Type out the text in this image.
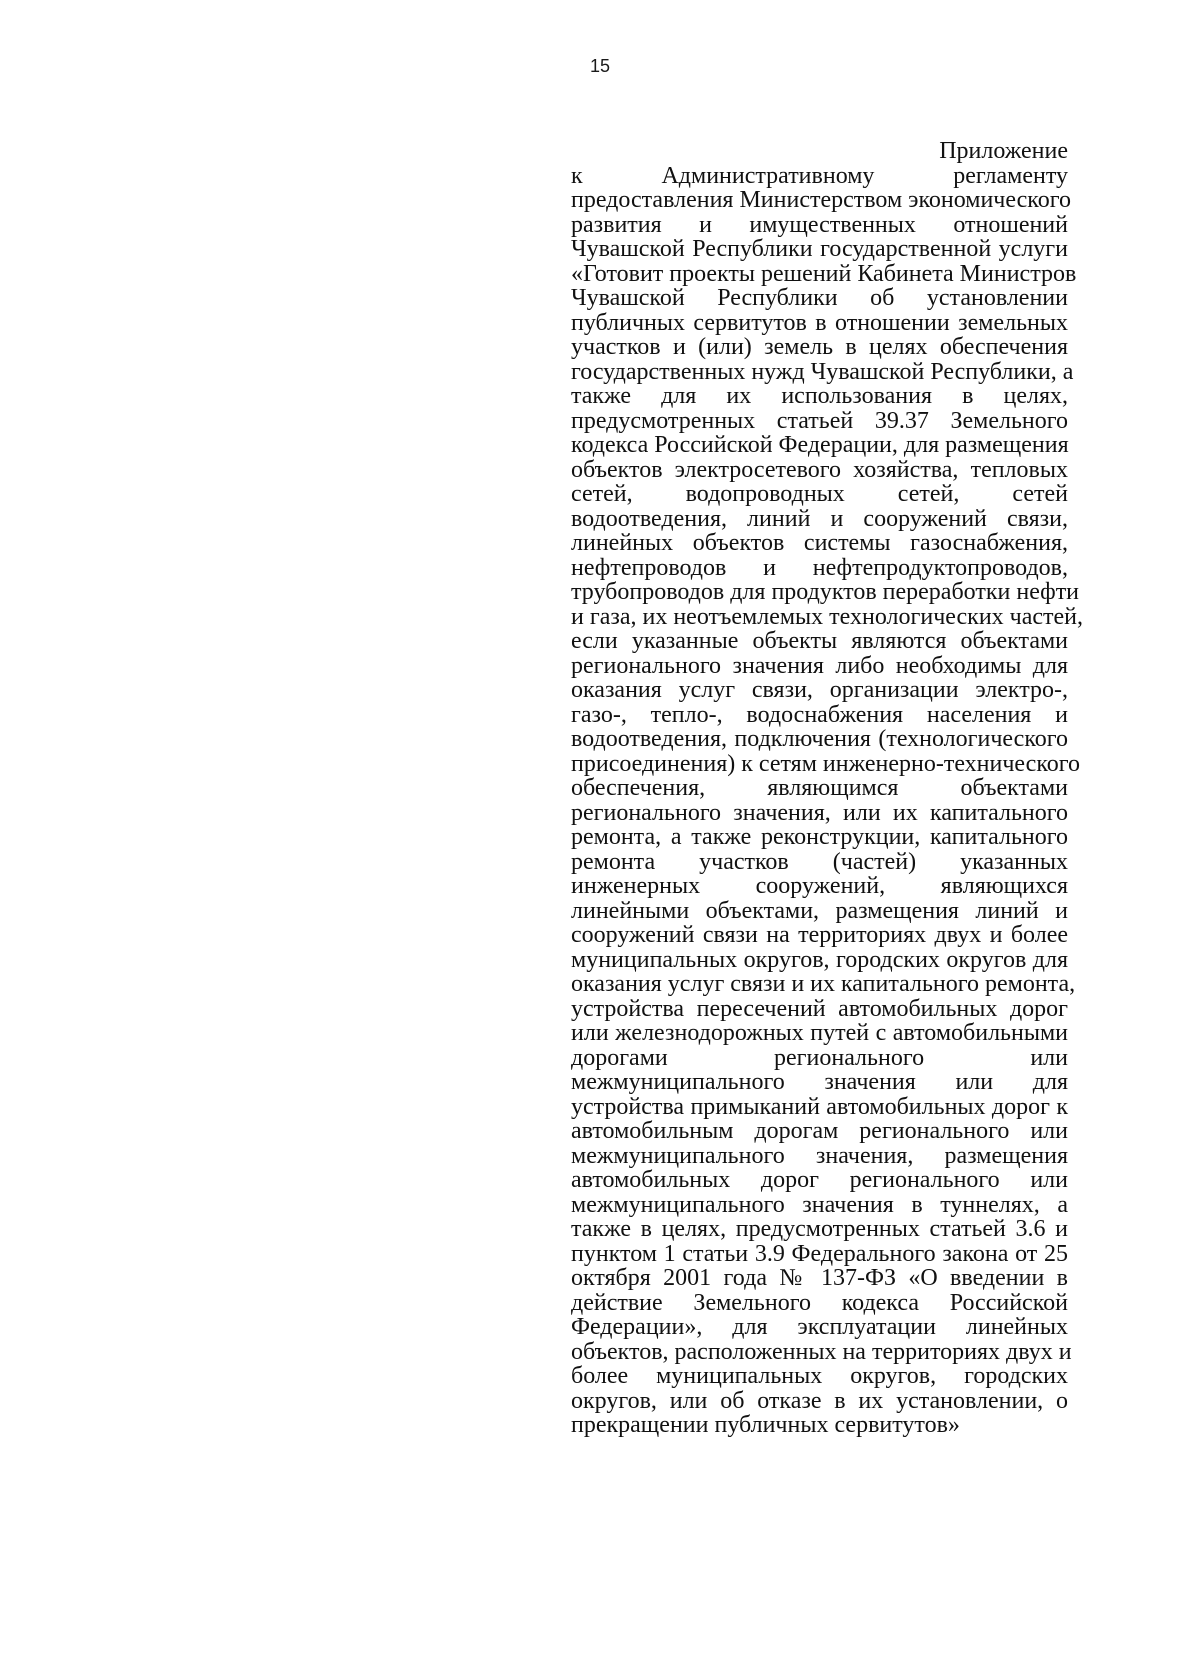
15

Приложение

к Административному регламенту

предоставления Министерством экономического

развития и имущественных отношений

Чувашской Республики государственной услуги

«Готовит проекты решений Кабинета Министров

Чувашской Республики об установлении

публичных сервитутов в отношении земельных

участков и (или) земель в целях обеспечения

государственных нужд Чувашской Республики, а

также для их использования в целях,

предусмотренных статьей 39.37 Земельного

кодекса Российской Федерации, для размещения

объектов электросетевого хозяйства, тепловых

сетей, водопроводных сетей, сетей

водоотведения, линий и сооружений связи,

линейных объектов системы газоснабжения,

нефтепроводов и нефтепродуктопроводов,

трубопроводов для продуктов переработки нефти

и газа, их неотъемлемых технологических частей,

если указанные объекты являются объектами

регионального значения либо необходимы для

оказания услуг связи, организации электро-,

газо-, тепло-, водоснабжения населения и

водоотведения, подключения (технологического

присоединения) к сетям инженерно-технического

обеспечения, являющимся объектами

регионального значения, или их капитального

ремонта, а также реконструкции, капитального

ремонта участков (частей) указанных

инженерных сооружений, являющихся

линейными объектами, размещения линий и

сооружений связи на территориях двух и более

муниципальных округов, городских округов для

оказания услуг связи и их капитального ремонта,

устройства пересечений автомобильных дорог

или железнодорожных путей с автомобильными

дорогами регионального или

межмуниципального значения или для

устройства примыканий автомобильных дорог к

автомобильным дорогам регионального или

межмуниципального значения, размещения

автомобильных дорог регионального или

межмуниципального значения в туннелях, а

также в целях, предусмотренных статьей 3.6 и

пунктом 1 статьи 3.9 Федерального закона от 25

октября 2001 года № 137-ФЗ «О введении в

действие Земельного кодекса Российской

Федерации», для эксплуатации линейных

объектов, расположенных на территориях двух и

более муниципальных округов, городских

округов, или об отказе в их установлении, о

прекращении публичных сервитутов»
